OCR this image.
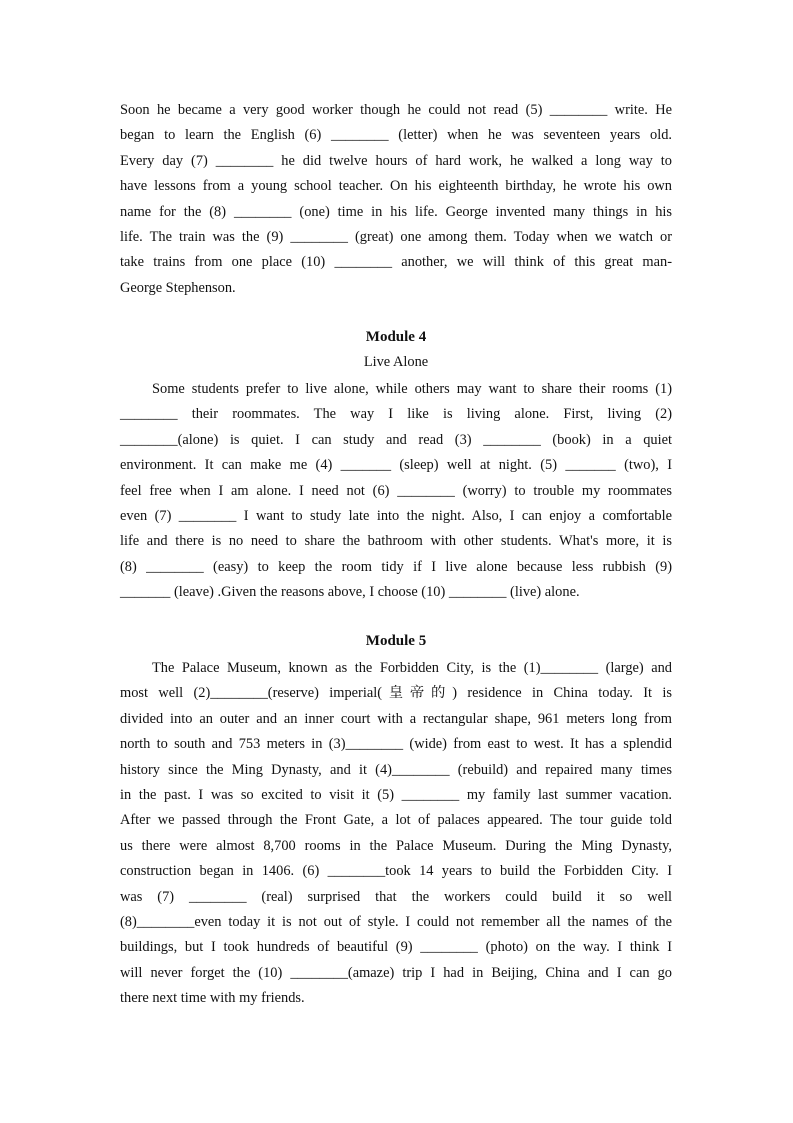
Soon he became a very good worker though he could not read (5) ________ write. He
began to learn the English (6) ________ (letter) when he was seventeen years old.
Every day (7) ________ he did twelve hours of hard work, he walked a long way to
have lessons from a young school teacher. On his eighteenth birthday, he wrote his own
name for the (8) ________ (one) time in his life. George invented many things in his
life. The train was the (9) ________ (great) one among them. Today when we watch or
take trains from one place (10) ________ another, we will think of this great man-
George Stephenson.
Module 4
Live Alone
Some students prefer to live alone, while others may want to share their rooms (1)
________ their roommates. The way I like is living alone. First, living (2)
________(alone) is quiet. I can study and read (3) ________ (book) in a quiet
environment. It can make me (4) _______ (sleep) well at night. (5) _______ (two), I
feel free when I am alone. I need not (6) ________ (worry) to trouble my roommates
even (7) ________ I want to study late into the night. Also, I can enjoy a comfortable
life and there is no need to share the bathroom with other students. What's more, it is
(8) ________ (easy) to keep the room tidy if I live alone because less rubbish (9)
_______ (leave) .Given the reasons above, I choose (10) ________ (live) alone.
Module 5
The Palace Museum, known as the Forbidden City, is the (1)________ (large) and
most well (2)________(reserve) imperial(皇帝的) residence in China today. It is
divided into an outer and an inner court with a rectangular shape, 961 meters long from
north to south and 753 meters in (3)________ (wide) from east to west. It has a splendid
history since the Ming Dynasty, and it (4)________ (rebuild) and repaired many times
in the past. I was so excited to visit it (5) ________ my family last summer vacation.
After we passed through the Front Gate, a lot of palaces appeared. The tour guide told
us there were almost 8,700 rooms in the Palace Museum. During the Ming Dynasty,
construction began in 1406. (6) ________took 14 years to build the Forbidden City. I
was (7) ________ (real) surprised that the workers could build it so well
(8)________even today it is not out of style. I could not remember all the names of the
buildings, but I took hundreds of beautiful (9) ________ (photo) on the way. I think I
will never forget the (10) ________(amaze) trip I had in Beijing, China and I can go
there next time with my friends.
